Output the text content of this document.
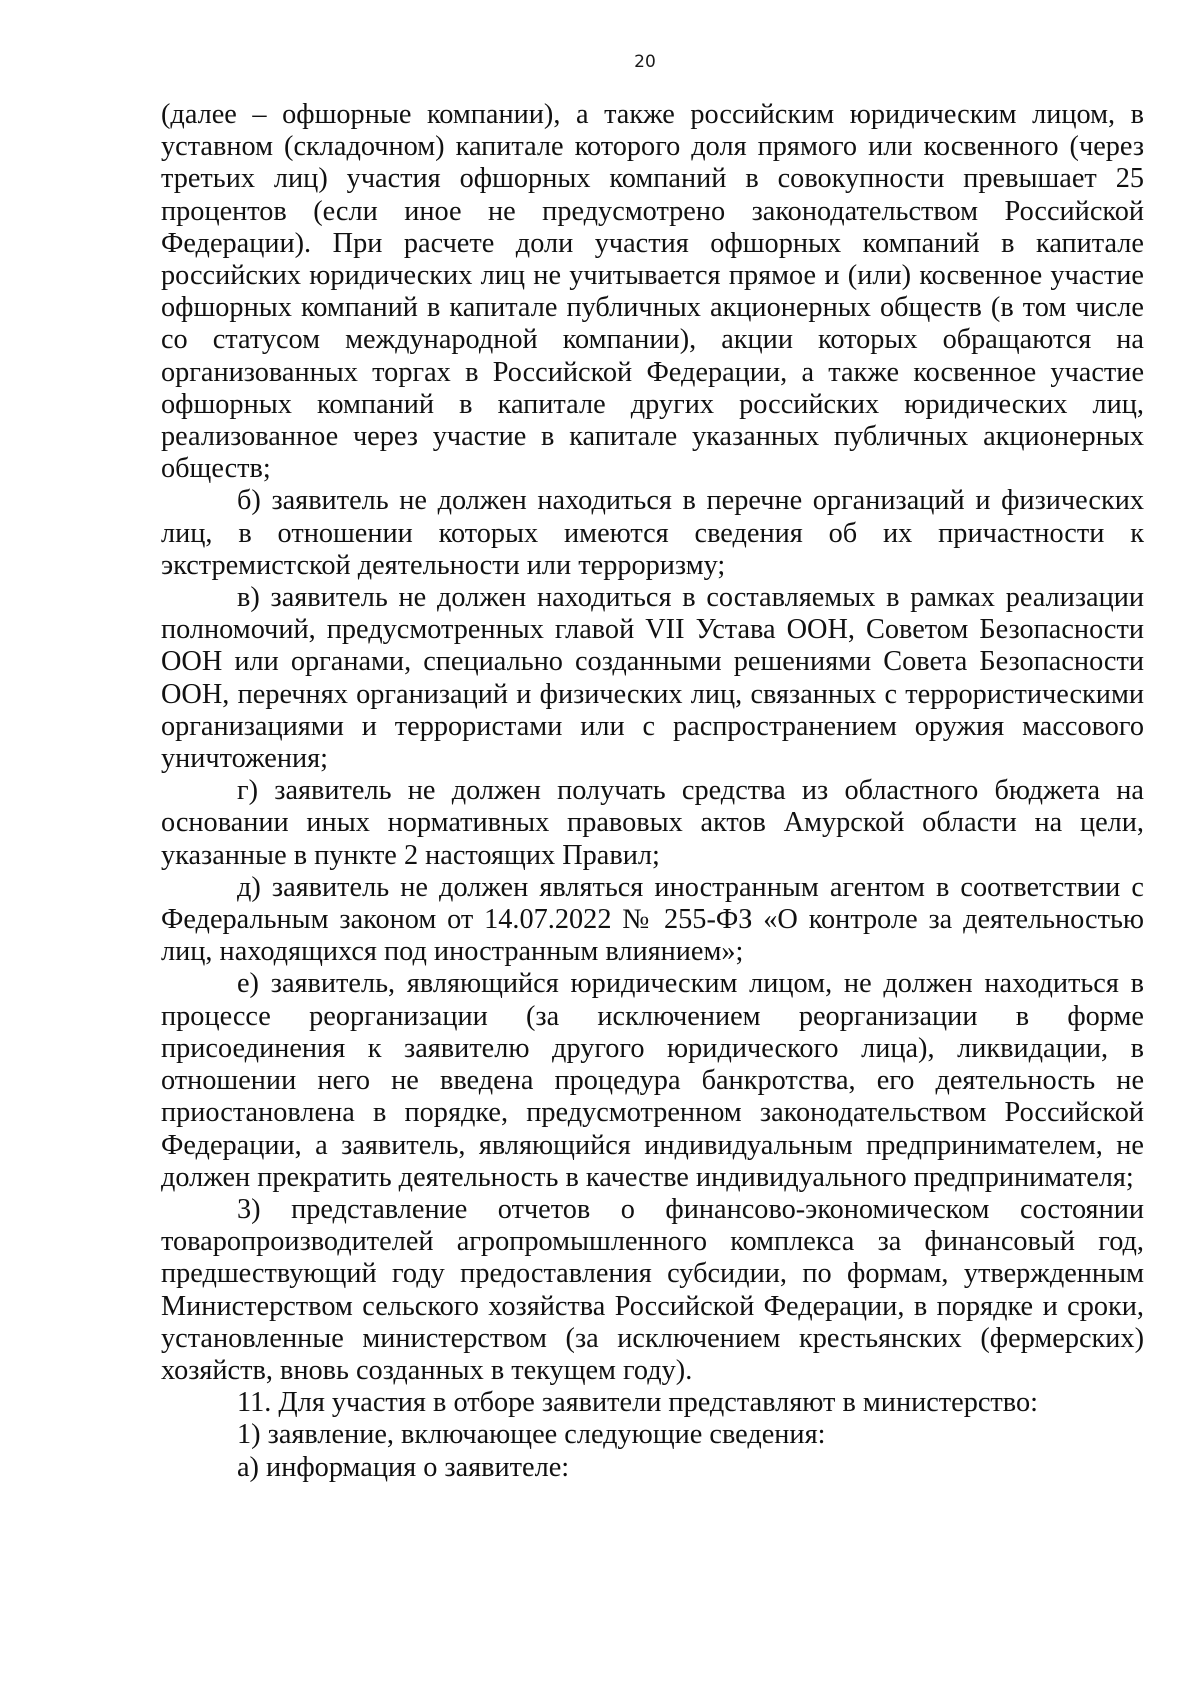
20

(далее – офшорные компании), а также российским юридическим лицом, в уставном (складочном) капитале которого доля прямого или косвенного (через третьих лиц) участия офшорных компаний в совокупности превышает 25 процентов (если иное не предусмотрено законодательством Российской Федерации). При расчете доли участия офшорных компаний в капитале российских юридических лиц не учитывается прямое и (или) косвенное участие офшорных компаний в капитале публичных акционерных обществ (в том числе со статусом международной компании), акции которых обращаются на организованных торгах в Российской Федерации, а также косвенное участие офшорных компаний в капитале других российских юридических лиц, реализованное через участие в капитале указанных публичных акционерных обществ;

б) заявитель не должен находиться в перечне организаций и физических лиц, в отношении которых имеются сведения об их причастности к экстремистской деятельности или терроризму;

в) заявитель не должен находиться в составляемых в рамках реализации полномочий, предусмотренных главой VII Устава ООН, Советом Безопасности ООН или органами, специально созданными решениями Совета Безопасности ООН, перечнях организаций и физических лиц, связанных с террористическими организациями и террористами или с распространением оружия массового уничтожения;

г) заявитель не должен получать средства из областного бюджета на основании иных нормативных правовых актов Амурской области на цели, указанные в пункте 2 настоящих Правил;

д) заявитель не должен являться иностранным агентом в соответствии с Федеральным законом от 14.07.2022 № 255-ФЗ «О контроле за деятельностью лиц, находящихся под иностранным влиянием»;

е) заявитель, являющийся юридическим лицом, не должен находиться в процессе реорганизации (за исключением реорганизации в форме присоединения к заявителю другого юридического лица), ликвидации, в отношении него не введена процедура банкротства, его деятельность не приостановлена в порядке, предусмотренном законодательством Российской Федерации, а заявитель, являющийся индивидуальным предпринимателем, не должен прекратить деятельность в качестве индивидуального предпринимателя;

3) представление отчетов о финансово-экономическом состоянии товаропроизводителей агропромышленного комплекса за финансовый год, предшествующий году предоставления субсидии, по формам, утвержденным Министерством сельского хозяйства Российской Федерации, в порядке и сроки, установленные министерством (за исключением крестьянских (фермерских) хозяйств, вновь созданных в текущем году).

11. Для участия в отборе заявители представляют в министерство:

1) заявление, включающее следующие сведения:

а) информация о заявителе:
